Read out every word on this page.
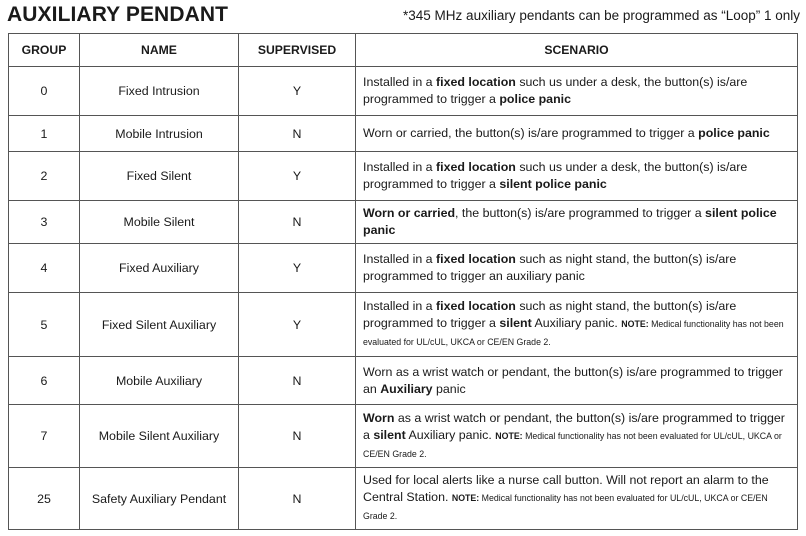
AUXILIARY PENDANT	*345 MHz auxiliary pendants can be programmed as “Loop” 1 only
GROUP	NAME	SUPERVISED	SCENARIO
0	Fixed Intrusion	Y	Installed in a fixed location such us under a desk, the button(s) is/are programmed to trigger a police panic
1	Mobile Intrusion	N	Worn or carried, the button(s) is/are programmed to trigger a police panic
2	Fixed Silent	Y	Installed in a fixed location such us under a desk, the button(s) is/are programmed to trigger a silent police panic
3	Mobile Silent	N	Worn or carried, the button(s) is/are programmed to trigger a silent police panic
4	Fixed Auxiliary	Y	Installed in a fixed location such as night stand, the button(s) is/are programmed to trigger an auxiliary panic
5	Fixed Silent Auxiliary	Y	Installed in a fixed location such as night stand, the button(s) is/are programmed to trigger a silent Auxiliary panic. NOTE: Medical functionality has not been evaluated for UL/cUL, UKCA or CE/EN Grade 2.
6	Mobile Auxiliary	N	Worn as a wrist watch or pendant, the button(s) is/are programmed to trigger an Auxiliary panic
7	Mobile Silent Auxiliary	N	Worn as a wrist watch or pendant, the button(s) is/are programmed to trigger a silent Auxiliary panic. NOTE: Medical functionality has not been evaluated for UL/cUL, UKCA or CE/EN Grade 2.
25	Safety Auxiliary Pendant	N	Used for local alerts like a nurse call button. Will not report an alarm to the Central Station. NOTE: Medical functionality has not been evaluated for UL/cUL, UKCA or CE/EN Grade 2.
